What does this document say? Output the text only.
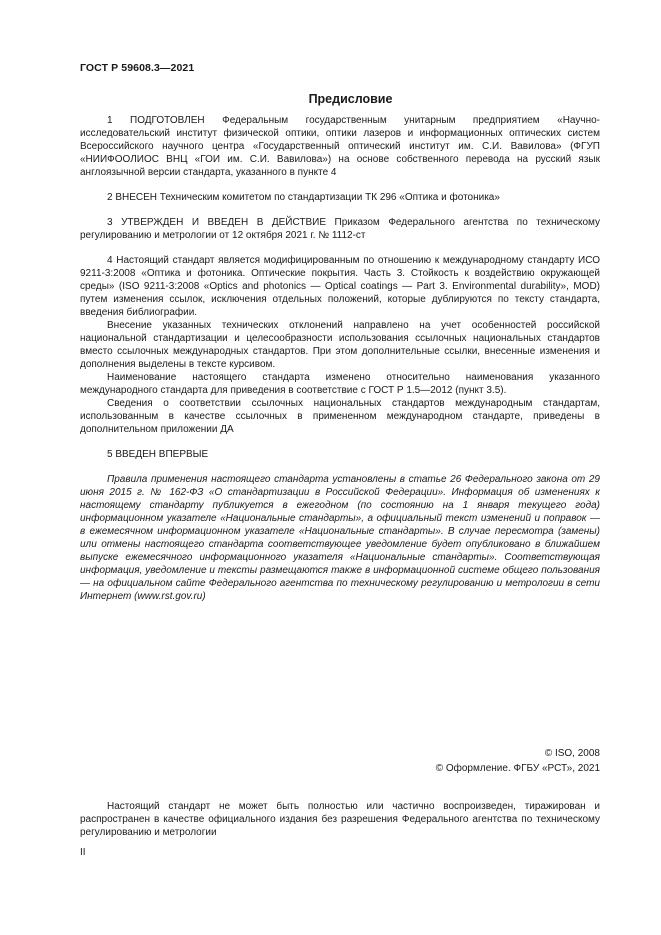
ГОСТ Р 59608.3—2021
Предисловие

1 ПОДГОТОВЛЕН Федеральным государственным унитарным предприятием «Научно-исследовательский институт физической оптики, оптики лазеров и информационных оптических систем Всероссийского научного центра «Государственный оптический институт им. С.И. Вавилова» (ФГУП «НИИФООЛИОС ВНЦ «ГОИ им. С.И. Вавилова») на основе собственного перевода на русский язык англоязычной версии стандарта, указанного в пункте 4

2 ВНЕСЕН Техническим комитетом по стандартизации ТК 296 «Оптика и фотоника»

3 УТВЕРЖДЕН И ВВЕДЕН В ДЕЙСТВИЕ Приказом Федерального агентства по техническому регулированию и метрологии от 12 октября 2021 г. № 1112-ст

4 Настоящий стандарт является модифицированным по отношению к международному стандарту ИСО 9211-3:2008 «Оптика и фотоника. Оптические покрытия. Часть 3. Стойкость к воздействию окружающей среды» (ISO 9211-3:2008 «Optics and photonics — Optical coatings — Part 3. Environmental durability», MOD) путем изменения ссылок, исключения отдельных положений, которые дублируются по тексту стандарта, введения библиографии.

Внесение указанных технических отклонений направлено на учет особенностей российской национальной стандартизации и целесообразности использования ссылочных национальных стандартов вместо ссылочных международных стандартов. При этом дополнительные ссылки, внесенные изменения и дополнения выделены в тексте курсивом.

Наименование настоящего стандарта изменено относительно наименования указанного международного стандарта для приведения в соответствие с ГОСТ Р 1.5—2012 (пункт 3.5).

Сведения о соответствии ссылочных национальных стандартов международным стандартам, использованным в качестве ссылочных в примененном международном стандарте, приведены в дополнительном приложении ДА

5 ВВЕДЕН ВПЕРВЫЕ

Правила применения настоящего стандарта установлены в статье 26 Федерального закона от 29 июня 2015 г. № 162-ФЗ «О стандартизации в Российской Федерации». Информация об изменениях к настоящему стандарту публикуется в ежегодном (по состоянию на 1 января текущего года) информационном указателе «Национальные стандарты», а официальный текст изменений и поправок — в ежемесячном информационном указателе «Национальные стандарты». В случае пересмотра (замены) или отмены настоящего стандарта соответствующее уведомление будет опубликовано в ближайшем выпуске ежемесячного информационного указателя «Национальные стандарты». Соответствующая информация, уведомление и тексты размещаются также в информационной системе общего пользования — на официальном сайте Федерального агентства по техническому регулированию и метрологии в сети Интернет (www.rst.gov.ru)

© ISO, 2008
© Оформление. ФГБУ «РСТ», 2021

Настоящий стандарт не может быть полностью или частично воспроизведен, тиражирован и распространен в качестве официального издания без разрешения Федерального агентства по техническому регулированию и метрологии

II
